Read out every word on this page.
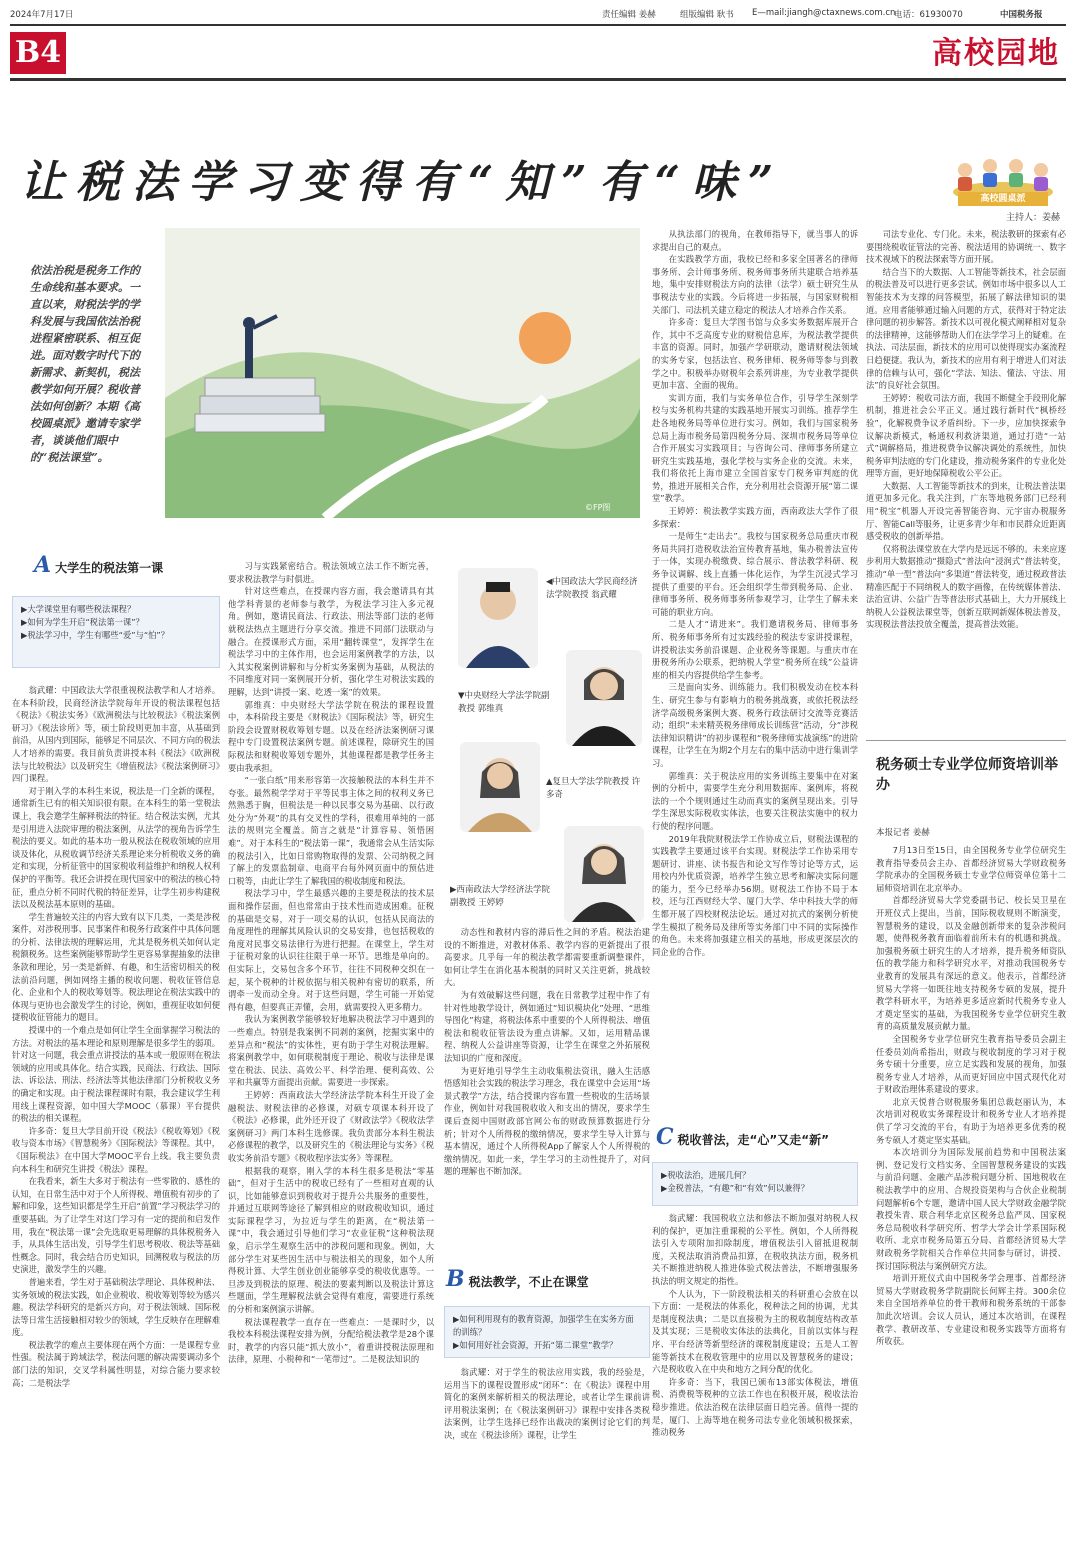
2024年7月17日	责任编辑 姜赫	组版编辑 耿书 E—mail:jiangh@ctaxnews.com.cn
电话：61930070	中国税务报
B4	高校园地
让税法学习变得有“知”有“味”	高校圆桌派
主持人：姜赫
依法治税是税务工作的生命线和基本要求。一直以来，财税法学的学科发展与我国依法治税进程紧密联系、相互促进。面对数字时代下的新需求、新契机，税法教学如何开展？税收普法如何创新？本期《高校圆桌派》邀请专家学者，谈谈他们眼中的“税法课堂”。
©FP图
A大学生的税法第一课
▶大学课堂里有哪些税法课程？
▶如何为学生开启“税法第一课”？
▶税法学习中，学生有哪些“爱”与“怕”？

翁武耀：中国政法大学很重视税法教学和人才培养。在本科阶段，民商经济法学院每年开设的税法课程包括《税法》《税法实务》《欧洲税法与比较税法》《税法案例研习》《税法诊所》等，硕士阶段则更加丰富，从基础到前沿，从国内到国际，能够足不同层次、不同方向的税法人才培养的需要。我目前负责讲授本科《税法》《欧洲税法与比较税法》以及研究生《增值税法》《税法案例研习》四门课程。

对于刚入学的本科生来说，税法是一门全新的课程，通常新生已有的相关知识很有限。在本科生的第一堂税法课上，我会邀学生解释税法的特征。结合税法实例，尤其是引用进入法院审理的税法案例，从法学的视角告诉学生税法的要义。如此的基本功一般从税法在税收领域的应用谈及体化，从税收调节经济关系理论来分析税收义务的确定和实现，分析征管中的国家税收利益维护和纳税人权利保护的平衡等。我还会讲授在现代国家中的税法的核心特征，重点分析不同时代税的特征差异，让学生初步构建税法以及税法基本原则的基础。

学生普遍较关注的内容大致有以下几类，一类是涉税案件，对涉税刑事、民事案件和税务行政案件中具体问题的分析、法律法规的理解运用，尤其是税务机关如何认定税额税务。这些案例能够帮助学生更容易掌握抽象的法律条款和理论，另一类是新鲜、有趣，和生活密切相关的税法前沿问题，例如网络主播的税收问题、税收征管信息化、企业和个人的税收筹划等。税法理论在税法实践中的体现与更协也会激发学生的讨论，例如，重视征收如何便捷税收征管能力的题目。

授课中的一个难点是如何让学生全面掌握学习税法的方法。对税法的基本理论和原则理解是很多学生的弱项。针对这一问题，我会重点讲授法的基本或一般原则在税法领域的应用或具体化。结合实践，民商法、行政法、国际法、诉讼法、刑法、经济法等其他法律部门分析税收义务的确定和实现。由于税法课程课时有限，我会建议学生利用线上课程资源，如中国大学MOOC（慕课）平台提供的税法的相关课程。

许多奇：复旦大学目前开设《税法》《税收筹划》《税收与资本市场》《智慧税务》《国际税法》等课程。其中，《国际税法》在中国大学MOOC平台上线。我主要负责向本科生和研究生讲授《税法》课程。

在我看来，新生大多对于税法有一些零散的、感性的认知，在日常生活中对于个人所得税、增值税有初步的了解和印象，这些知识都是学生开启“前置”学习税法学习的重要基础。为了让学生对这门学习有一定的提前和启发作用，我在“税法第一课”会先选取更易理解的具体税税务入手，从具体生活出发，引导学生们思考税收、税法等基础性概念。同时，我会结合历史知识，回溯税收与税法的历史演进，激发学生的兴趣。

普遍来看，学生对于基础税法学理论、具体税种法、实务领域的税法实践，如企业税收、税收筹划等较为感兴趣。税法学科研究的是新兴方向，对于税法领域、国际税法等日常生活接触相对较少的领域，学生反映存在理解难度。

税法教学的难点主要体现在两个方面：一是课程专业性强。税法属于跨域法学，税法问题的解决需要调动多个部门法的知识，交叉学科属性明显，对综合能力要求较高；二是税法学

习与实践紧密结合。税法领域立法工作不断完善，要求税法教学与时俱进。

针对这些难点，在授课内容方面，我会邀请具有其他学科背景的老师参与教学，为税法学习注入多元视角。例如，邀请民商法、行政法、刑法等部门法的老师就税法热点主题进行分享交流。推进不同部门法联动与融合。在授课形式方面，采用“翻转课堂”，发挥学生在税法学习中的主体作用，也会运用案例教学的方法，以入其实税案例讲解和与分析实务案例为基础，从税法的不同维度对同一案例展开分析，强化学生对税法实践的理解，达到“讲授一案、吃透一案”的效果。

郭维真：中央财经大学法学院在税法的课程设置中，本科阶段主要是《财税法》《国际税法》等，研究生阶段会设置财税收筹划专题。以及在经济法案例研习课程中专门设置税法案例专题。前述课程，除研究生的国际税法和财税收筹划专题外，其他课程都是教学任务主要由我承担。

“一张白纸”用来形容第一次接触税法的本科生并不夸张。最然税学学对于平等民事主体之间的权利义务已然熟悉于胸，但税法是一种以民事交易为基础、以行政处分为“外观”的具有交叉性的学科，很难用单纯的一部法的规则完全覆盖。简言之就是“计算容易、领悟困难”。对于本科生的“税法第一课”，我通常会从生活实际的税法引入，比如日常购物取得的发票、公司纳税之间了解上的发票监制章、电商平台每外网页面中的预估进口税等，由此让学生了解我国的税收制度和税法。

税法学习中，学生最感兴趣的主要是税法的技术层面和操作层面，但也常常由于技术性而造成困难。征税的基础是交易，对于一项交易的认识，包括从民商法的角度理性的理解其风险认识的交易安排，也包括税收的角度对民事交易法律行为进行把握。在课堂上，学生对于征税对象的认识往往限于单一环节。思维是单向的。但实际上，交易包含多个环节，往往不同税种交织在一起，某个税种的计税依据与相关税种有密切的联系，所谓牵一发而动全身。对于这些问题，学生可能一开始觉得有趣，但要真正弄懂，会用，就需要投入更多精力。

我认为案例教学能够较好地解决税法学习中遇到的一些难点。特别是我案例不同剥的案例，挖掘实案中的差异点和“税法”的实体性，更有助于学生对税法理解。将案例教学中，如何联税制度于理论、税收与法律是课堂在税法、民法、高效公平、科学治理、便利高效、公平和共赢等方面提出贡献。需要进一步探索。

王婷婷：西南政法大学经济法学院本科生开设了金融税法、财税法律的必修课，对硕专项课本科开设了《税法》必修课，此外还开设了《财政法学》《税收法学案例研习》两门本科生选修课。我负责部分本科生税法必修课程的教学，以及研究生的《税法理论与实务》《税收实务前沿专题》《税收程序法实务》等课程。

根据我的观察，刚入学的本科生很多是税法“零基础”，但对于生活中的税收已经有了一些相对直观的认识，比如能够意识到税收对于提升公共服务的重要性，并通过互联网等途径了解到相应的财政税收知识，通过实际课程学习，为拉近与学生的距离，在“税法第一课”中，我会通过引导他们学习“农业征税”这种税法现象，启示学生观察生活中的涉税问题和现象。例如，大部分学生对某些因生活中与税法相关的现象，如个人所得税计算、大学生创业创业能够享受的税收优惠等。一旦涉及到税法的原理、税法的要素判断以及税法计算这些题面，学生理解税法就会觉得有难度，需要进行系统的分析和案例演示讲解。

税法课程教学一直存在一些难点：一是课时少，以我校本科税法课程安排为例，分配给税法教学是28个课时，教学的内容只能“抓大放小”，着重讲授税法原理和法律，原理、小税种和“一笔带过”。二是税法知识的

◀中国政法大学民商经济法学院教授 翁武耀
▼中央财经大学法学院副教授 郭维真
▲复旦大学法学院教授 许多奇
▶西南政法大学经济法学院副教授 王婷婷

动态性和教材内容的滞后性之间的矛盾。税法治建设的不断推进，对教材体系、教学内容的更新提出了很高要求。几乎每一年的税法教学都需要重新调整课件，如何让学生在消化基本税制的同时又关注更新，挑战较大。

为有效破解这些问题，我在日常教学过程中作了有针对性地教学设计，例如通过“知识模块化”处理、“思维导图化”构建，将税法体系中重要的个人所得税法、增值税法和税收征管法设为重点讲解。又如，运用精品课程、纳税人公益讲座等资源，让学生在课堂之外拓展税法知识的广度和深度。

为更好地引导学生主动收集税法资讯，融入生活感悟感知社会实践的税法学习理念，我在课堂中会运用“场景式教学”方法，结合授课内容布置一些税收的生活场景作业，例如针对我国税收收入和支出的情况，要求学生课后查阅中国财政部官网公布的财政预算数据进行分析；针对个人所得税的缴纳情况，要求学生导入计算与基本情况，通过个人所得税App了解家人个人所得税的缴纳情况。如此一来，学生学习的主动性提升了，对问题的理解也不断加深。

B税法教学，不止在课堂
▶如何利用现有的教育资源，加强学生在实务方面的训练？
▶如何用好社会资源，开拓“第二课堂”教学？

翁武耀：对于学生的税法应用实践，我的经验是，运用当下的课程设置形成“闭环”：在《税法》课程中用简化的案例来解析相关的税法理论，或者让学生课前讲评用税法案例；在《税法案例研习》课程中安排各类税法案例，让学生选择已经作出裁决的案例讨论它们的判决，或在《税法诊所》课程，让学生

从执法部门的视角，在教师指导下，就当事人的诉求提出自己的观点。

在实践教学方面，我校已经和多家全国著名的律师事务所、会计师事务所、税务师事务所共建联合培养基地，集中安排财税法方向的法律（法学）硕士研究生从事税法专业的实践。今后将进一步拓展，与国家财税相关部门、司法机关建立稳定的税法人才培养合作关系。

许多奇：复旦大学图书馆与众多实务数据库展开合作，其中不乏高度专业的财税信息库，为税法教学提供丰富的资源。同时，加强产学研联动，邀请财税法领域的实务专家，包括法官、税务律师、税务师等参与到教学之中。积极举办财税年会系列讲座，为专业教学提供更加丰富、全面的视角。

实训方面，我们与实务单位合作，引导学生深刻学校与实务机构共建的实践基地开展实习训练。推荐学生赴各地税务局等单位进行实习。例如，我们与国家税务总局上海市税务局第四税务分局、深圳市税务局等单位合作开展实习实践项目；与咨询公司、律师事务所建立研究生实践基地，强化学校与实务企业的交流。未来，我们将依托上海市建立全国首家专门税务审判庭的优势，推进开展相关合作，充分利用社会资源开展“第二课堂”教学。

王婷婷：税法教学实践方面，西南政法大学作了很多探索：

一是师生“走出去”。我校与国家税务总局重庆市税务局共同打造税收法治宣传教育基地，集办税普法宣传于一体，实现办税缴费、综合展示、普法教学科研、税务争议调解、线上直播一体化运作，为学生沉浸式学习提供了重要的平台。还会组织学生带到税务局、企业、律师事务所、税务师事务所参观学习，让学生了解未来可能的职业方向。

二是人才“请进来”。我们邀请税务局、律师事务所、税务师事务所有过实践经验的税法专家讲授课程，讲授税法实务前沿课题、企业税务等课题。与重庆市在册税务所办公联系，把纳税人学堂“税务所在线”公益讲座的相关内容提供给学生参考。

三是面向实务、训练能力。我们积极发动在校本科生、研究生参与有影响力的税务挑战赛，或依托税法经济学高级税务案例大赛、税务行政法研讨交流等竞赛活动；组织“未来精英税务律师成长训练营”活动，分“涉税法律知识精讲”的初步课程和“税务律师实战演练”的进阶课程，让学生在为期2个月左右的集中活动中进行集训学习。

郭维真：关于税法应用的实务训练主要集中在对案例的分析中，需要学生充分利用数据库、案例库，将税法的一个个规则通过生动而真实的案例呈现出来。引导学生深思实际税收实体法，也要关注税法实施中的权力行使的程序问题。

2019年我院财税法学工作协成立后，财税法课程的实践教学主要通过该平台实现。财税法学工作协采用专题研讨、讲座、读书报告和论文写作等讨论等方式，运用校内外优质资源，培养学生独立思考和解决实际问题的能力，至今已经举办56期。财税法工作协不局于本校，还与江西财经大学、厦门大学、华中科技大学的师生都开展了四校财税法论坛。通过对抗式的案例分析使学生模拟了税务局及律所等实务部门中不同的实际操作的角色。未来将加强建立相关的基地，形成更深层次的同企业的合作。

C税收普法，走“心”又走“新”
▶税收法治，进展几何？
▶金税普法，“有趣”和“有效”何以兼得？

翁武耀：我国税收立法和修法不断加强对纳税人权利的保护，更加注重课税的公平性。例如，个人所得税法引入专项附加扣除制度，增值税法引入留抵退税制度，关税法取消消费品扣算，在税收执法方面，税务机关不断推进纳税人推进体验式税法普法，不断增强服务执法的明文规定的指性。

个人认为，下一阶段税法相关的科研重心会放在以下方面：一是税法的体系化，税种法之间的协调，尤其是制度税法典；二是以直接税为主的税收制度结构改革及其实现；三是税收实体法的法典化，目前以实体与程序、平台经济等新型经济的课税制度建设；五是人工智能等新技术在税收管理中的应用以及智慧税务的建设；六是税收收入在中央和地方之间分配的优化。

许多奇：当下，我国已颁布13部实体税法，增值税、消费税等税种的立法工作也在积极开展，税收法治稳步推进。依法治税在法律层面日趋完善。值得一提的是，厦门、上海等地在税务司法专业化领域积极探索，推动税务

司法专业化、专门化。未来，税法教研的探索有必要围绕税收征管法的完善、税法适用的协调统一、数字技术视域下的税法探索等方面开展。

结合当下的大数据、人工智能等新技术，社会层面的税法普及可以进行更多尝试。例如市场中很多以人工智能技术为支撑的问答模型，拓展了解法律知识的渠道。应用者能够通过输入问题的方式，获得对于特定法律问题的初步解答。新技术以可视化模式阐释相对复杂的法律精神，这能够帮助人们在法学学习上的疑难。在执法、司法层面，新技术的应用可以使得现实办案流程日趋便捷。我认为，新技术的应用有利于增进人们对法律的信赖与认可，强化“学法、知法、懂法、守法、用法”的良好社会氛围。

王婷婷：税收司法方面，我国不断健全手段刑化解机制，推进社会公平正义。通过践行新时代“枫桥经验”，化解税费争议矛盾纠纷。下一步，应加快探索争议解决新模式，畅通权利救济渠道，通过打造“一站式”调解格局，推进税费争议解决调处的系统性，加快税务审判法庭的专门化建设，推动税务案件的专业化处理等方面，更好地保障税收公平公正。

大数据、人工智能等新技术的到来，让税法普法渠道更加多元化。我关注到，广东等地税务部门已经利用“税宝”机器人开设完善智能咨询、元宇宙办税服务厅、智能Call等服务，让更多青少年和市民群众近距离感受税收的创新举措。

仅将税法课堂放在大学内是远远不够的。未来应逐步利用大数据推动“摄隐式”普法向“浸润式”普法转变，推动“单一型”普法向“多渠道”普法转变，通过税政普法精准匹配于不同纳税人的数字画像，在传统媒体普法、法治宣讲、公益广告等普法形式基础上，大力开展线上纳税人公益税法课堂等，创新互联网新媒体税法普及，实现税法普法投放全覆盖，提高普法效能。

税务硕士专业学位师资培训举办
本报记者 姜赫

7月13日至15日，由全国税务专业学位研究生教育指导委员会主办、首都经济贸易大学财政税务学院承办的全国税务硕士专业学位师资单位第十二届师资培训在北京举办。

首都经济贸易大学党委副书记、校长吴卫星在开班仪式上提出，当前，国际税收规则不断演变，智慧税务的建设，以及金融创新带来的复杂涉税问题，使得税务教育面临着前所未有的机遇和挑战。加强税务硕士研究生的人才培养，提升税务师资队伍的教学能力和科学研究水平，对推动我国税务专业教育的发展具有深远的意义。他表示，首都经济贸易大学将一如既往地支持税务专硕的发展，提升教学科研水平，为培养更多适应新时代税务专业人才奠定坚实的基础，为我国税务专业学位研究生教育的高质量发展贡献力量。

全国税务专业学位研究生教育指导委员会副主任委员刘尚希指出，财政与税收制度的学习对于税务专硕十分重要，应立足实践和发展的视角，加强税务专业人才培养，从而更好回应中国式现代化对于财政治理体系建设的要求。

北京天悦普合财税服务集团总裁赵丽认为，本次培训对税收实务课程设计和税务专业人才培养提供了学习交流的平台，有助于为培养更多优秀的税务专硕人才奠定坚实基础。

本次培训分为国际发展前趋势和中国税法案例、登记发行文档实务、全国智慧税务建设的实践与前沿问题、金融产品涉税问题分析、国地税收在税法教学中的应用、合规投资架构与合伙企业税制问题解析6个专题，邀请中国人民大学财政金融学院教授朱青、联合利华北京区税务总监严凤、国家税务总局税收科学研究所、哲学大学会计学系国际税收所、北京市税务局第五分局、首都经济贸易大学财政税务学院相关合作单位共同参与研讨，讲授、探讨国际税法与案例研究方法。

培训开班仪式由中国税务学会理事、首都经济贸易大学财政税务学院副院长何辉主持。300余位来自全国培养单位的骨干教师和税务系统的干部参加此次培训。会议人员认，通过本次培训，在课程教学、教研改革、专业建设和税务实践等方面将有所收获。
